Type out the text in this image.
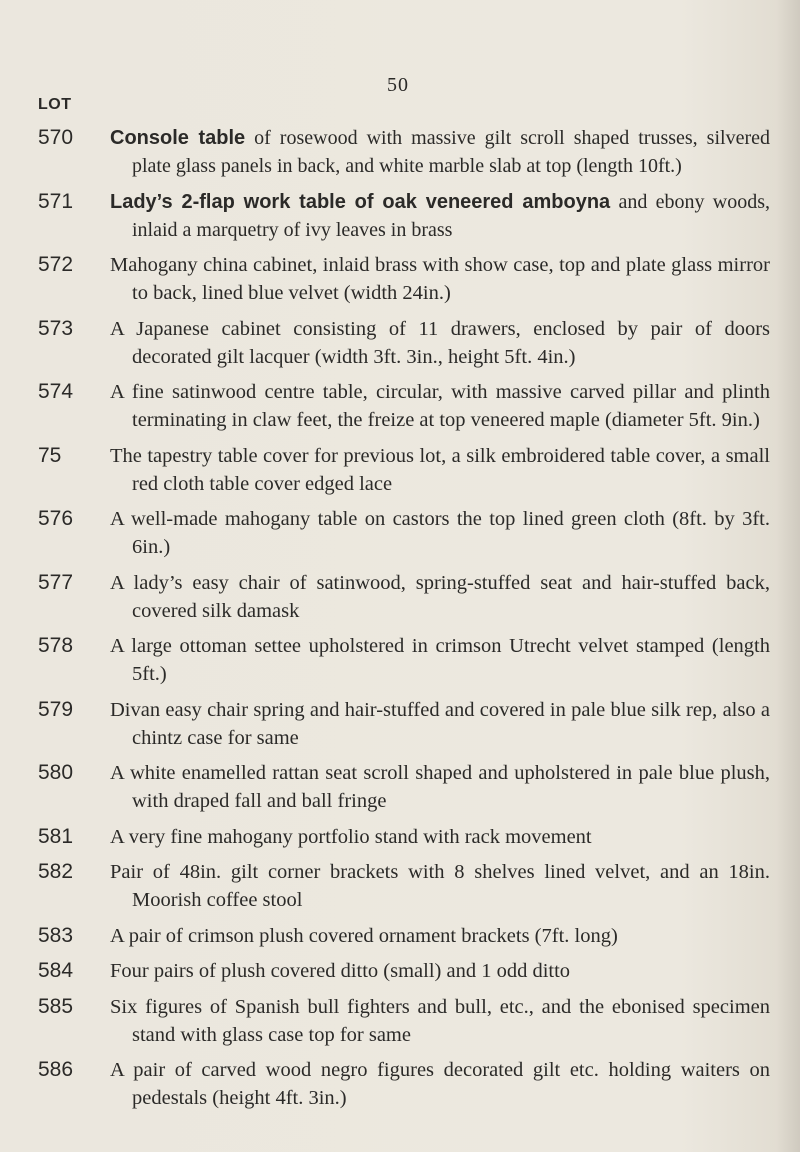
50
LOT
570 Console table of rosewood with massive gilt scroll shaped trusses, silvered plate glass panels in back, and white marble slab at top (length 10ft.)
571 Lady’s 2-flap work table of oak veneered amboyna and ebony woods, inlaid a marquetry of ivy leaves in brass
572 Mahogany china cabinet, inlaid brass with show case, top and plate glass mirror to back, lined blue velvet (width 24in.)
573 A Japanese cabinet consisting of 11 drawers, enclosed by pair of doors decorated gilt lacquer (width 3ft. 3in., height 5ft. 4in.)
574 A fine satinwood centre table, circular, with massive carved pillar and plinth terminating in claw feet, the freize at top veneered maple (diameter 5ft. 9in.)
75 The tapestry table cover for previous lot, a silk embroidered table cover, a small red cloth table cover edged lace
576 A well-made mahogany table on castors the top lined green cloth (8ft. by 3ft. 6in.)
577 A lady’s easy chair of satinwood, spring-stuffed seat and hair-stuffed back, covered silk damask
578 A large ottoman settee upholstered in crimson Utrecht velvet stamped (length 5ft.)
579 Divan easy chair spring and hair-stuffed and covered in pale blue silk rep, also a chintz case for same
580 A white enamelled rattan seat scroll shaped and upholstered in pale blue plush, with draped fall and ball fringe
581 A very fine mahogany portfolio stand with rack movement
582 Pair of 48in. gilt corner brackets with 8 shelves lined velvet, and an 18in. Moorish coffee stool
583 A pair of crimson plush covered ornament brackets (7ft. long)
584 Four pairs of plush covered ditto (small) and 1 odd ditto
585 Six figures of Spanish bull fighters and bull, etc., and the ebonised specimen stand with glass case top for same
586 A pair of carved wood negro figures decorated gilt etc. holding waiters on pedestals (height 4ft. 3in.)
